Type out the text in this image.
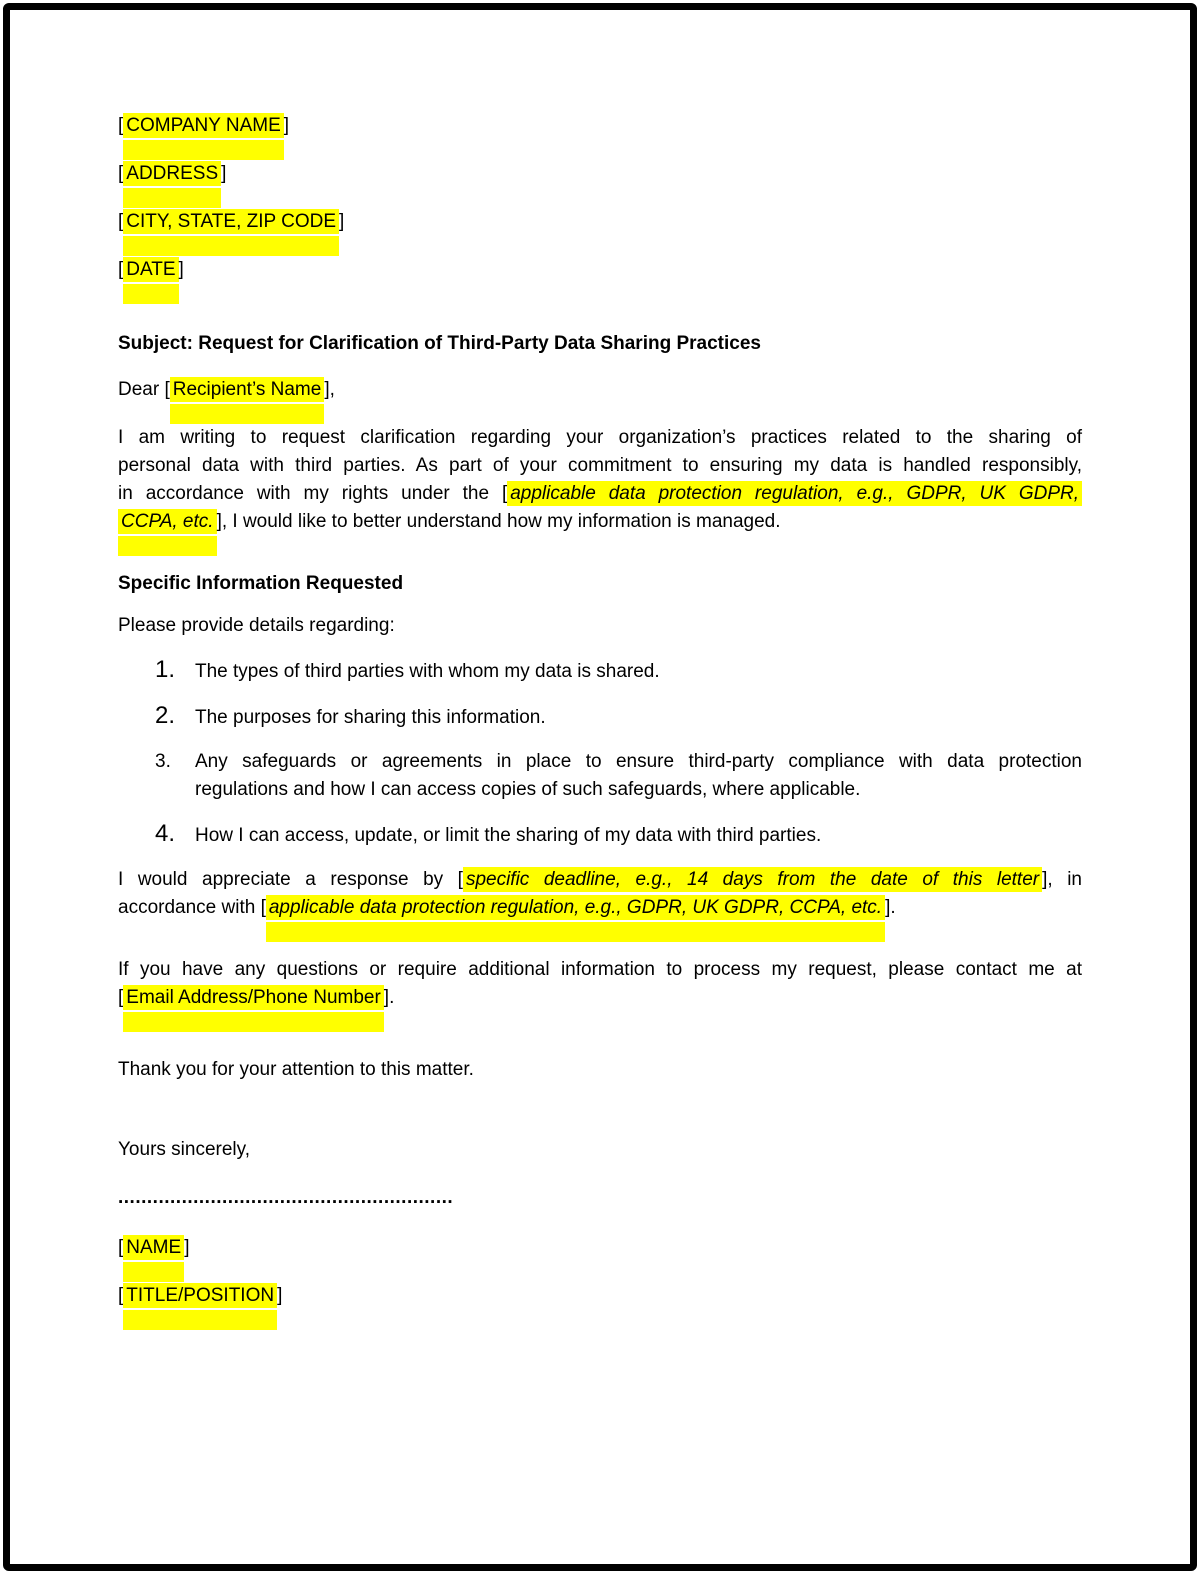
[ COMPANY NAME ]
[ ADDRESS ]
[ CITY, STATE, ZIP CODE ]
[ DATE ]
Subject: Request for Clarification of Third-Party Data Sharing Practices
Dear [ Recipient’s Name ],
I am writing to request clarification regarding your organization’s practices related to the sharing of
personal data with third parties. As part of your commitment to ensuring my data is handled responsibly,
in accordance with my rights under the [ applicable data protection regulation, e.g., GDPR, UK GDPR,
CCPA, etc. ], I would like to better understand how my information is managed.
Specific Information Requested
Please provide details regarding:
1.	The types of third parties with whom my data is shared.
2.	The purposes for sharing this information.
3.	Any safeguards or agreements in place to ensure third-party compliance with data protection
regulations and how I can access copies of such safeguards, where applicable.
4.	How I can access, update, or limit the sharing of my data with third parties.
I would appreciate a response by [ specific deadline, e.g., 14 days from the date of this letter ], in
accordance with [ applicable data protection regulation, e.g., GDPR, UK GDPR, CCPA, etc. ].
If you have any questions or require additional information to process my request, please contact me at
[ Email Address/Phone Number ].
Thank you for your attention to this matter.
Yours sincerely,
..........................................................
[ NAME ]
[ TITLE/POSITION ]
